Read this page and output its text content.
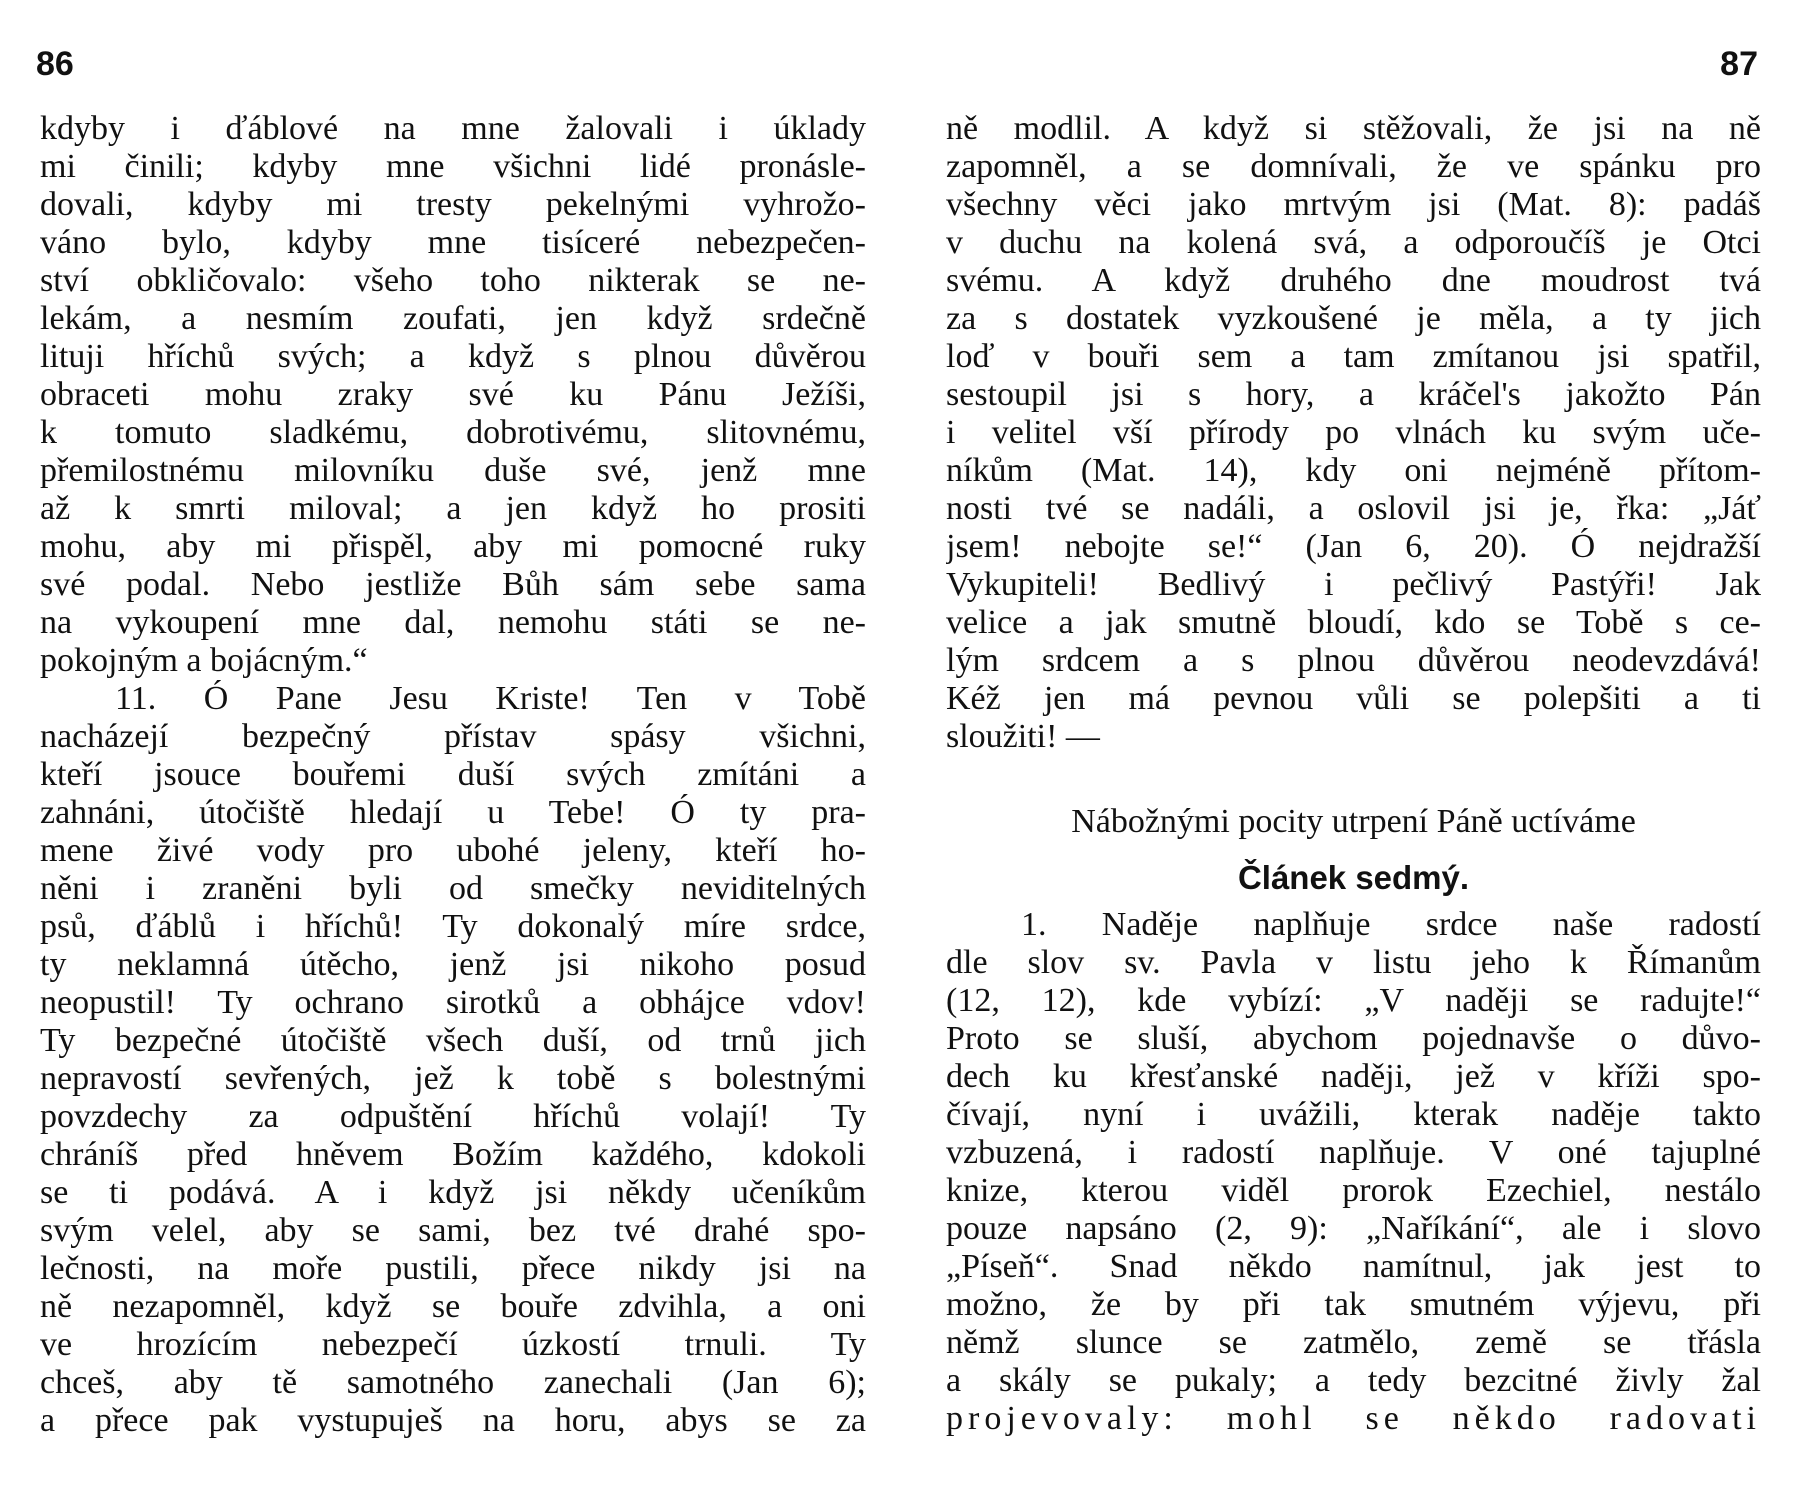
86
kdyby i ďáblové na mne žalovali i úklady
mi činili; kdyby mne všichni lidé pronásle-
dovali, kdyby mi tresty pekelnými vyhrožo-
váno bylo, kdyby mne tisíceré nebezpečen-
ství obkličovalo: všeho toho nikterak se ne-
lekám, a nesmím zoufati, jen když srdečně
lituji hříchů svých; a když s plnou důvěrou
obraceti mohu zraky své ku Pánu Ježíši,
k tomuto sladkému, dobrotivému, slitovnému,
přemilostnému milovníku duše své, jenž mne
až k smrti miloval; a jen když ho prositi
mohu, aby mi přispěl, aby mi pomocné ruky
své podal. Nebo jestliže Bůh sám sebe sama
na vykoupení mne dal, nemohu státi se ne-
pokojným a bojácným.“
11. Ó Pane Jesu Kriste! Ten v Tobě
nacházejí bezpečný přístav spásy všichni,
kteří jsouce bouřemi duší svých zmítáni a
zahnáni, útočiště hledají u Tebe! Ó ty pra-
mene živé vody pro ubohé jeleny, kteří ho-
něni i zraněni byli od smečky neviditelných
psů, ďáblů i hříchů! Ty dokonalý míre srdce,
ty neklamná útěcho, jenž jsi nikoho posud
neopustil! Ty ochrano sirotků a obhájce vdov!
Ty bezpečné útočiště všech duší, od trnů jich
nepravostí sevřených, jež k tobě s bolestnými
povzdechy za odpuštění hříchů volají! Ty
chráníš před hněvem Božím každého, kdokoli
se ti podává. A i když jsi někdy učeníkům
svým velel, aby se sami, bez tvé drahé spo-
lečnosti, na moře pustili, přece nikdy jsi na
ně nezapomněl, když se bouře zdvihla, a oni
ve hrozícím nebezpečí úzkostí trnuli. Ty
chceš, aby tě samotného zanechali (Jan 6);
a přece pak vystupuješ na horu, abys se za
87
ně modlil. A když si stěžovali, že jsi na ně
zapomněl, a se domnívali, že ve spánku pro
všechny věci jako mrtvým jsi (Mat. 8): padáš
v duchu na kolená svá, a odporoučíš je Otci
svému. A když druhého dne moudrost tvá
za s dostatek vyzkoušené je měla, a ty jich
loď v bouři sem a tam zmítanou jsi spatřil,
sestoupil jsi s hory, a kráčel's jakožto Pán
i velitel vší přírody po vlnách ku svým uče-
níkům (Mat. 14), kdy oni nejméně přítom-
nosti tvé se nadáli, a oslovil jsi je, řka: „Jáť
jsem! nebojte se!“ (Jan 6, 20). Ó nejdražší
Vykupiteli! Bedlivý i pečlivý Pastýři! Jak
velice a jak smutně bloudí, kdo se Tobě s ce-
lým srdcem a s plnou důvěrou neodevzdává!
Kéž jen má pevnou vůli se polepšiti a ti
sloužiti! —
Nábožnými pocity utrpení Páně uctíváme
Článek sedmý.
1. Naděje naplňuje srdce naše radostí
dle slov sv. Pavla v listu jeho k Římanům
(12, 12), kde vybízí: „V naději se radujte!“
Proto se sluší, abychom pojednavše o důvo-
dech ku křesťanské naději, jež v kříži spo-
čívají, nyní i uvážili, kterak naděje takto
vzbuzená, i radostí naplňuje. V oné tajuplné
knize, kterou viděl prorok Ezechiel, nestálo
pouze napsáno (2, 9): „Naříkání“, ale i slovo
„Píseň“. Snad někdo namítnul, jak jest to
možno, že by při tak smutném výjevu, při
němž slunce se zatmělo, země se třásla
a skály se pukaly; a tedy bezcitné živly žal
projevovaly: mohl se někdo radovati
